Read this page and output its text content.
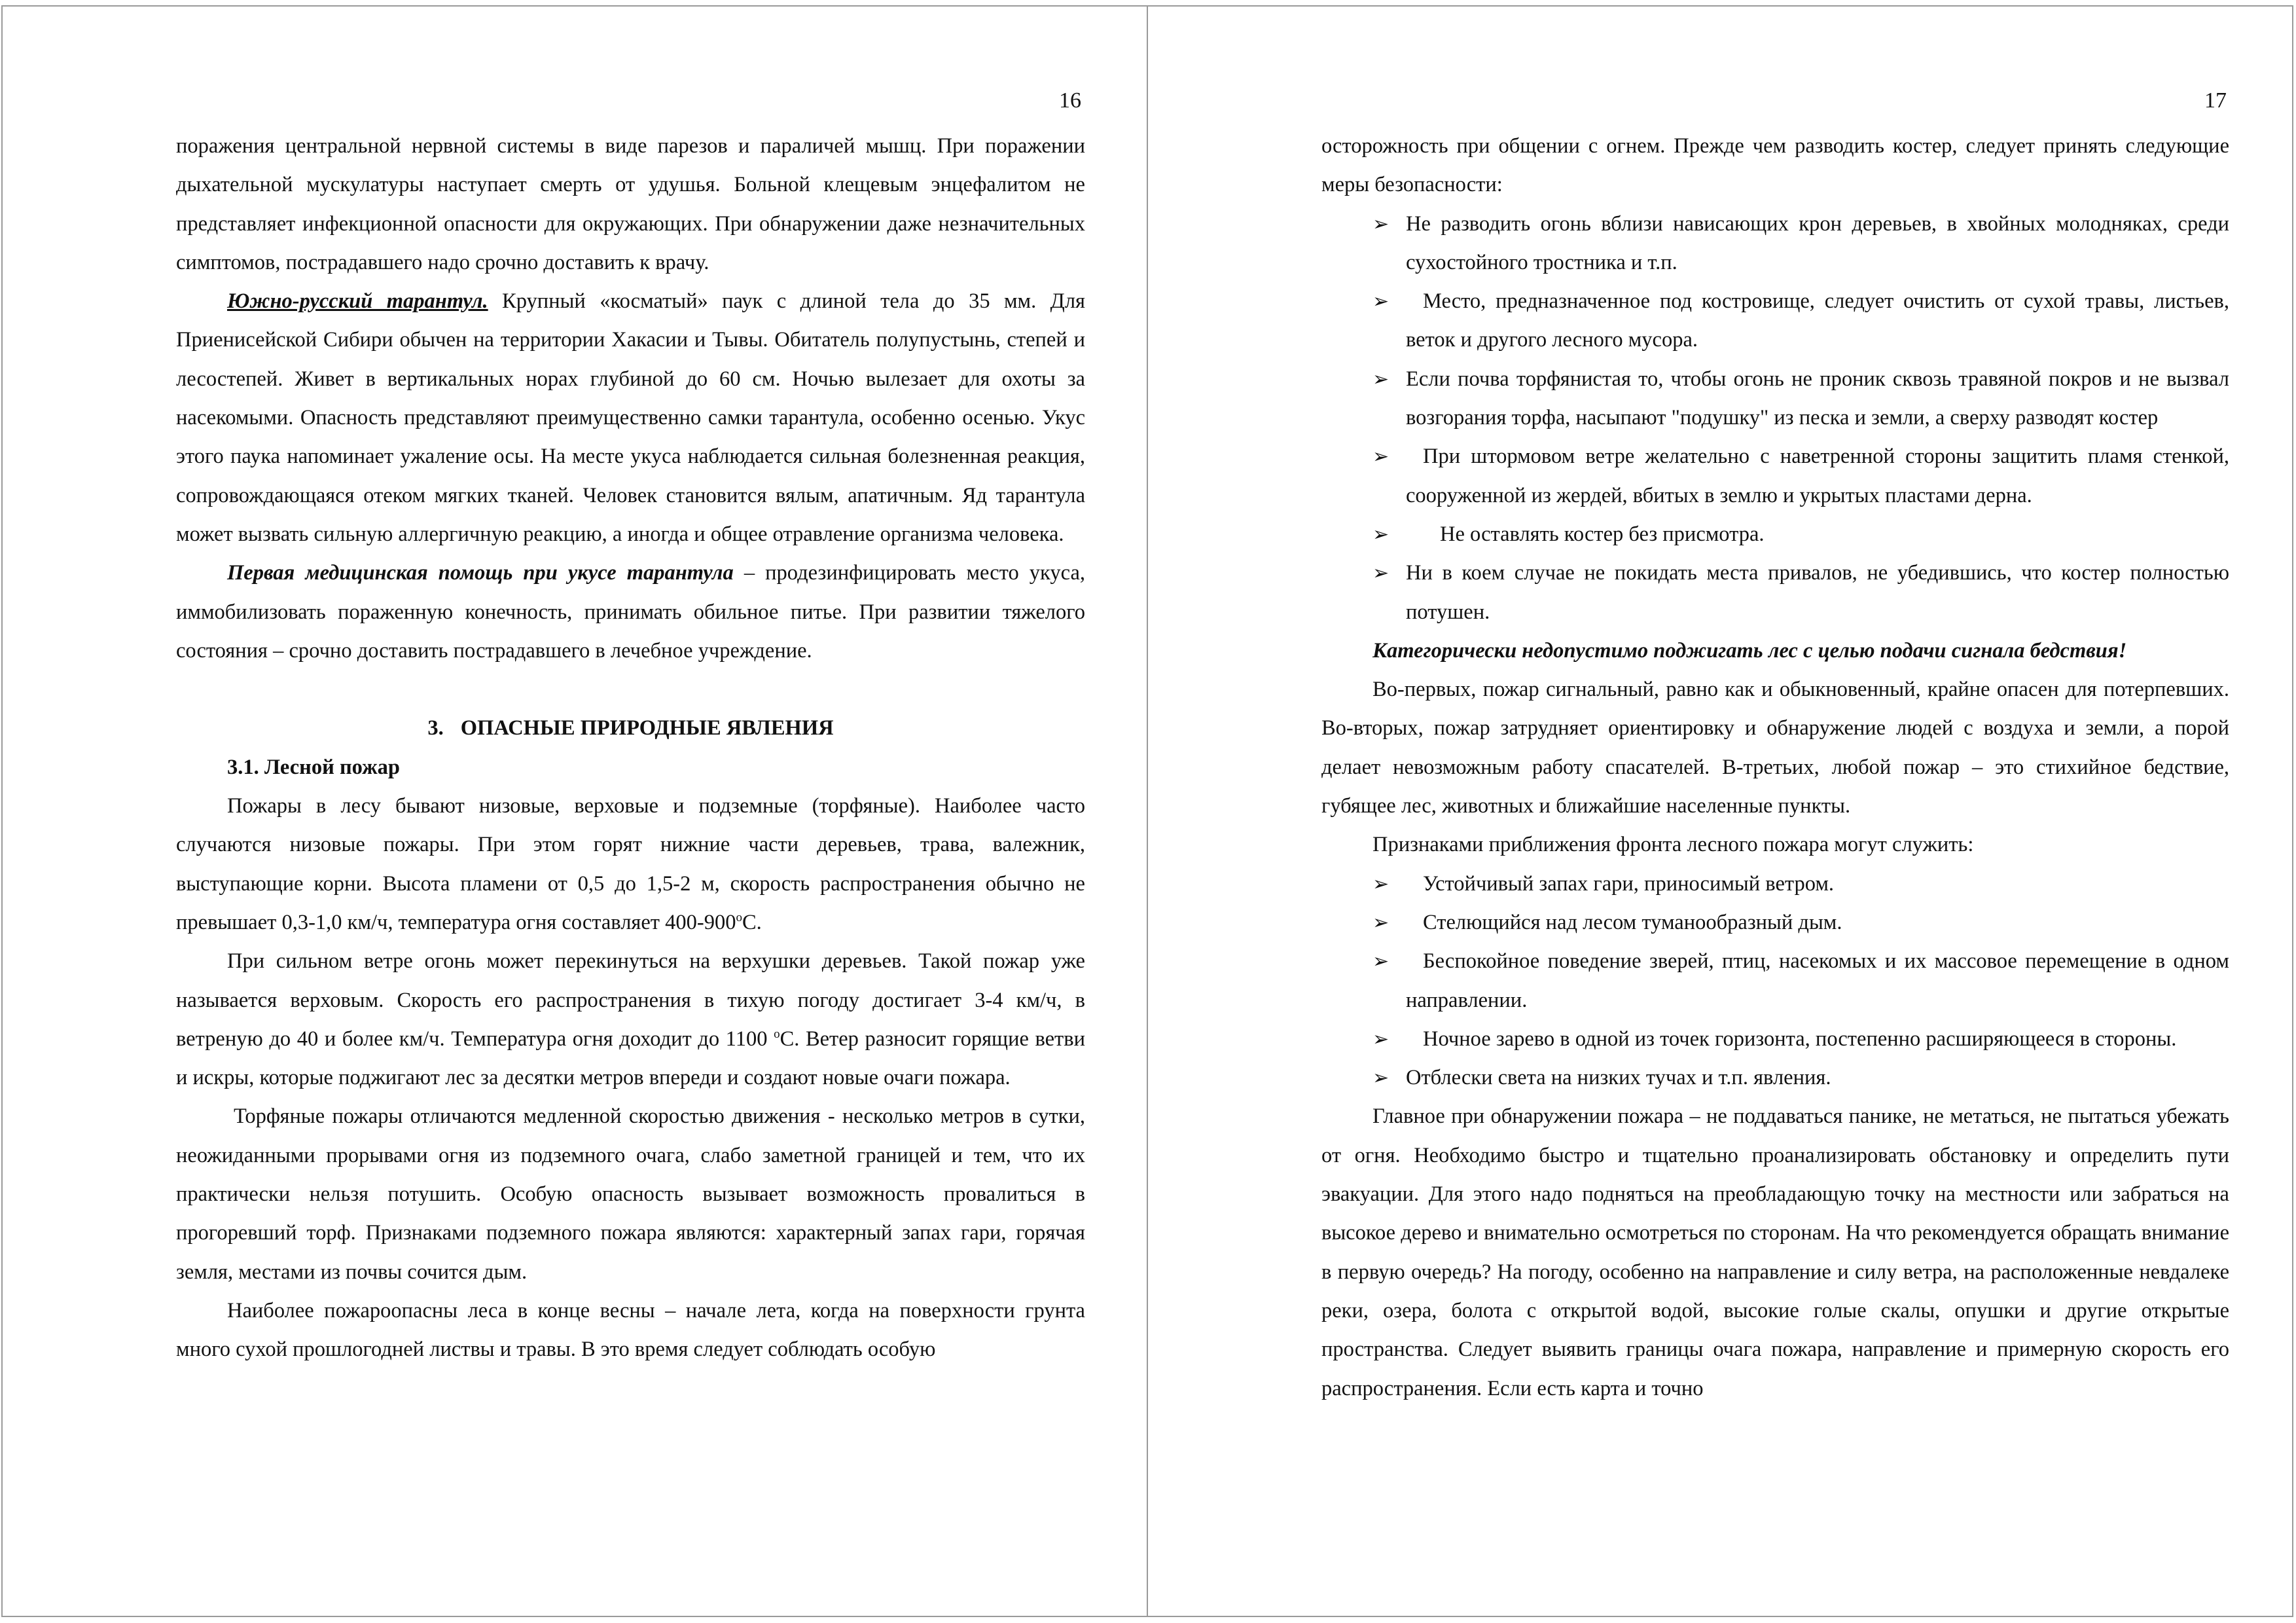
16

поражения центральной нервной системы в виде парезов и параличей мышц. При поражении дыхательной мускулатуры наступает смерть от удушья. Больной клещевым энцефалитом не представляет инфекционной опасности для окружающих. При обнаружении даже незначительных симптомов, пострадавшего надо срочно доставить к врачу.

Южно-русский тарантул. Крупный «косматый» паук с длиной тела до 35 мм. Для Приенисейской Сибири обычен на территории Хакасии и Тывы. Обитатель полупустынь, степей и лесостепей. Живет в вертикальных норах глубиной до 60 см. Ночью вылезает для охоты за насекомыми. Опасность представляют преимущественно самки тарантула, особенно осенью. Укус этого паука напоминает ужаление осы. На месте укуса наблюдается сильная болезненная реакция, сопровождающаяся отеком мягких тканей. Человек становится вялым, апатичным. Яд тарантула может вызвать сильную аллергичную реакцию, а иногда и общее отравление организма человека.

Первая медицинская помощь при укусе тарантула – продезинфицировать место укуса, иммобилизовать пораженную конечность, принимать обильное питье. При развитии тяжелого состояния – срочно доставить пострадавшего в лечебное учреждение.

3. ОПАСНЫЕ ПРИРОДНЫЕ ЯВЛЕНИЯ

3.1. Лесной пожар

Пожары в лесу бывают низовые, верховые и подземные (торфяные). Наиболее часто случаются низовые пожары. При этом горят нижние части деревьев, трава, валежник, выступающие корни. Высота пламени от 0,5 до 1,5-2 м, скорость распространения обычно не превышает 0,3-1,0 км/ч, температура огня составляет 400-900$^o$С.

При сильном ветре огонь может перекинуться на верхушки деревьев. Такой пожар уже называется верховым. Скорость его распространения в тихую погоду достигает 3-4 км/ч, в ветреную до 40 и более км/ч. Температура огня доходит до 1100 $^o$С. Ветер разносит горящие ветви и искры, которые поджигают лес за десятки метров впереди и создают новые очаги пожара.

Торфяные пожары отличаются медленной скоростью движения - несколько метров в сутки, неожиданными прорывами огня из подземного очага, слабо заметной границей и тем, что их практически нельзя потушить. Особую опасность вызывает возможность провалиться в прогоревший торф. Признаками подземного пожара являются: характерный запах гари, горячая земля, местами из почвы сочится дым.

Наиболее пожароопасны леса в конце весны – начале лета, когда на поверхности грунта много сухой прошлогодней листвы и травы. В это время следует соблюдать особую

17

осторожность при общении с огнем. Прежде чем разводить костер, следует принять следующие меры безопасности:

➢ Не разводить огонь вблизи нависающих крон деревьев, в хвойных молодняках, среди сухостойного тростника и т.п.
➢ Место, предназначенное под костровище, следует очистить от сухой травы, листьев, веток и другого лесного мусора.
➢ Если почва торфянистая то, чтобы огонь не проник сквозь травяной покров и не вызвал возгорания торфа, насыпают "подушку" из песка и земли, а сверху разводят костер
➢ При штормовом ветре желательно с наветренной стороны защитить пламя стенкой, сооруженной из жердей, вбитых в землю и укрытых пластами дерна.
➢ Не оставлять костер без присмотра.
➢ Ни в коем случае не покидать места привалов, не убедившись, что костер полностью потушен.

Категорически недопустимо поджигать лес с целью подачи сигнала бедствия!

Во-первых, пожар сигнальный, равно как и обыкновенный, крайне опасен для потерпевших. Во-вторых, пожар затрудняет ориентировку и обнаружение людей с воздуха и земли, а порой делает невозможным работу спасателей. В-третьих, любой пожар – это стихийное бедствие, губящее лес, животных и ближайшие населенные пункты.

Признаками приближения фронта лесного пожара могут служить:

➢ Устойчивый запах гари, приносимый ветром.
➢ Стелющийся над лесом туманообразный дым.
➢ Беспокойное поведение зверей, птиц, насекомых и их массовое перемещение в одном направлении.
➢ Ночное зарево в одной из точек горизонта, постепенно расширяющееся в стороны.
➢ Отблески света на низких тучах и т.п. явления.

Главное при обнаружении пожара – не поддаваться панике, не метаться, не пытаться убежать от огня. Необходимо быстро и тщательно проанализировать обстановку и определить пути эвакуации. Для этого надо подняться на преобладающую точку на местности или забраться на высокое дерево и внимательно осмотреться по сторонам. На что рекомендуется обращать внимание в первую очередь? На погоду, особенно на направление и силу ветра, на расположенные невдалеке реки, озера, болота с открытой водой, высокие голые скалы, опушки и другие открытые пространства. Следует выявить границы очага пожара, направление и примерную скорость его распространения. Если есть карта и точно
